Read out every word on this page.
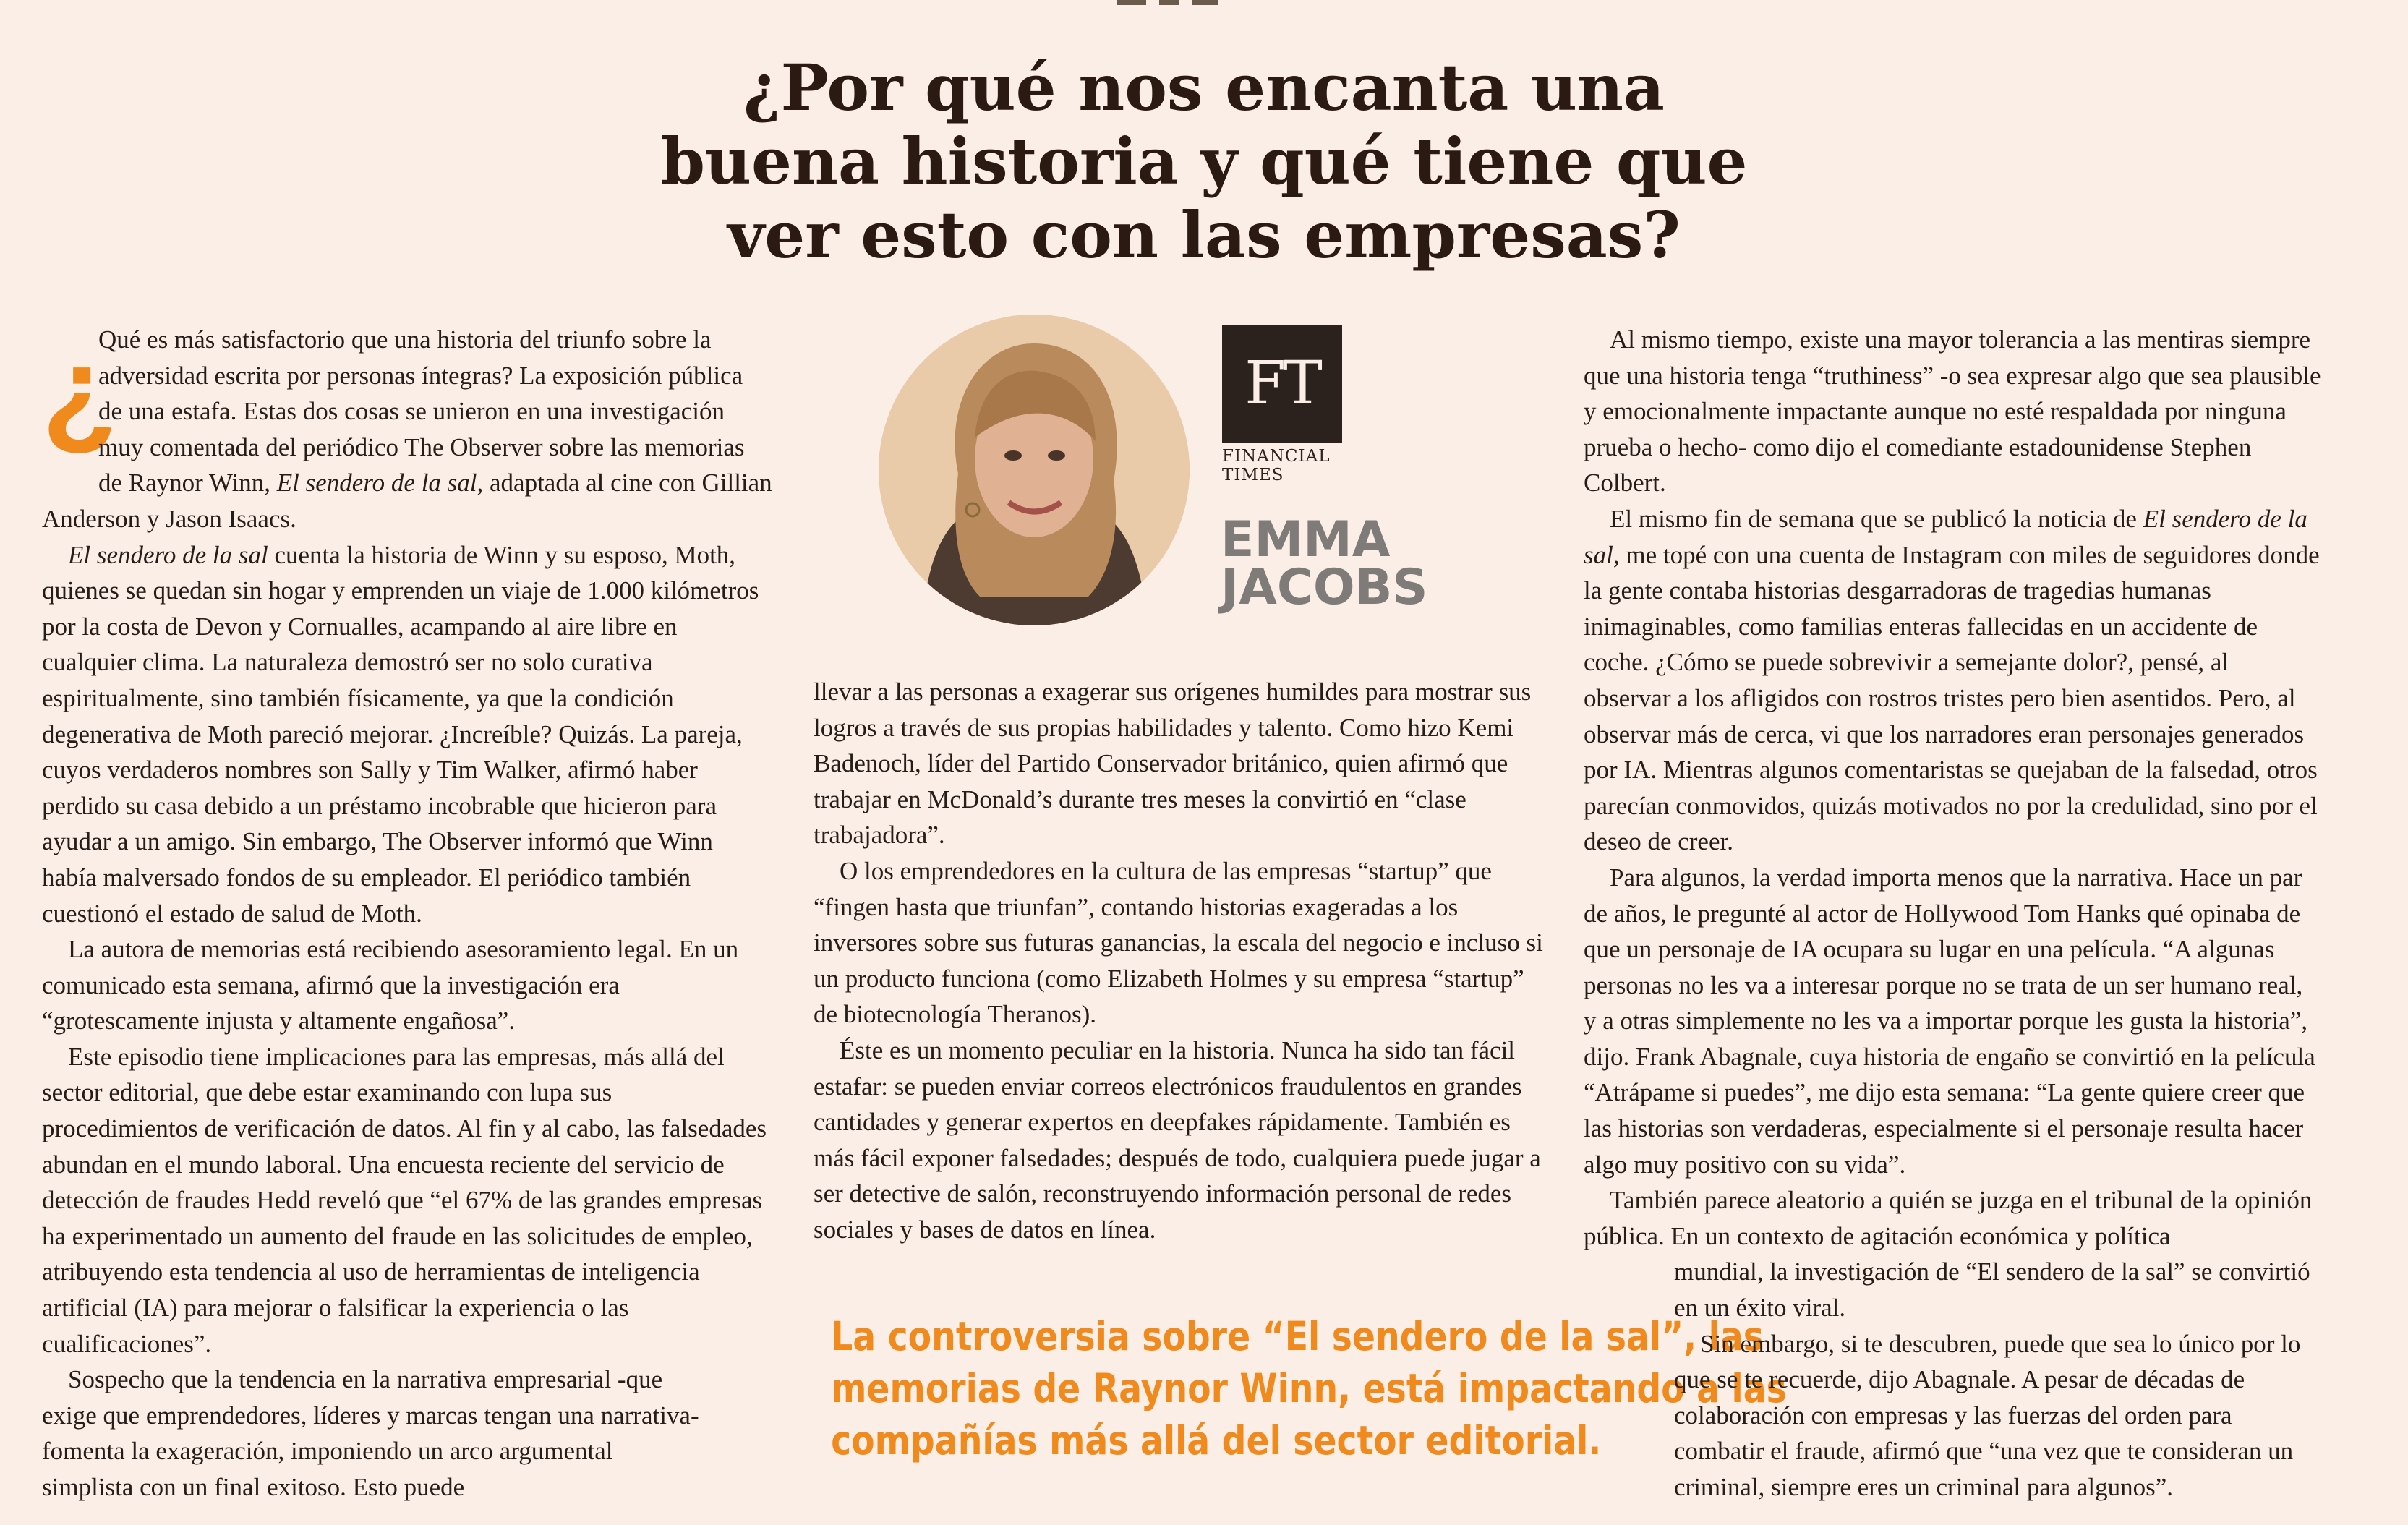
¿Por qué nos encanta una
buena historia y qué tiene que
ver esto con las empresas?

¿
Qué es más satisfactorio que una historia del triunfo sobre la adversidad escrita por personas íntegras? La exposición pública de una estafa. Estas dos cosas se unieron en una investigación muy comentada del periódico The Observer sobre las memorias de Raynor Winn, El sendero de la sal, adaptada al cine con Gillian Anderson y Jason Isaacs.

El sendero de la sal cuenta la historia de Winn y su esposo, Moth, quienes se quedan sin hogar y emprenden un viaje de 1.000 kilómetros por la costa de Devon y Cornualles, acampando al aire libre en cualquier clima. La naturaleza demostró ser no solo curativa espiritualmente, sino también físicamente, ya que la condición degenerativa de Moth pareció mejorar. ¿Increíble? Quizás. La pareja, cuyos verdaderos nombres son Sally y Tim Walker, afirmó haber perdido su casa debido a un préstamo incobrable que hicieron para ayudar a un amigo. Sin embargo, The Observer informó que Winn había malversado fondos de su empleador. El periódico también cuestionó el estado de salud de Moth.

La autora de memorias está recibiendo asesoramiento legal. En un comunicado esta semana, afirmó que la investigación era “grotescamente injusta y altamente engañosa”.

Este episodio tiene implicaciones para las empresas, más allá del sector editorial, que debe estar examinando con lupa sus procedimientos de verificación de datos. Al fin y al cabo, las falsedades abundan en el mundo laboral. Una encuesta reciente del servicio de detección de fraudes Hedd reveló que “el 67% de las grandes empresas ha experimentado un aumento del fraude en las solicitudes de empleo, atribuyendo esta tendencia al uso de herramientas de inteligencia artificial (IA) para mejorar o falsificar la experiencia o las cualificaciones”.

Sospecho que la tendencia en la narrativa empresarial -que exige que emprendedores, líderes y marcas tengan una narrativa- fomenta la exageración, imponiendo un arco argumental simplista con un final exitoso. Esto puede

FT
FINANCIAL
TIMES
EMMA
JACOBS

llevar a las personas a exagerar sus orígenes humildes para mostrar sus logros a través de sus propias habilidades y talento. Como hizo Kemi Badenoch, líder del Partido Conservador británico, quien afirmó que trabajar en McDonald’s durante tres meses la convirtió en “clase trabajadora”.

O los emprendedores en la cultura de las empresas “startup” que “fingen hasta que triunfan”, contando historias exageradas a los inversores sobre sus futuras ganancias, la escala del negocio e incluso si un producto funciona (como Elizabeth Holmes y su empresa “startup” de biotecnología Theranos).

Éste es un momento peculiar en la historia. Nunca ha sido tan fácil estafar: se pueden enviar correos electrónicos fraudulentos en grandes cantidades y generar expertos en deepfakes rápidamente. También es más fácil exponer falsedades; después de todo, cualquiera puede jugar a ser detective de salón, reconstruyendo información personal de redes sociales y bases de datos en línea.

La controversia sobre “El sendero de la sal”, las
memorias de Raynor Winn, está impactando a las
compañías más allá del sector editorial.

Al mismo tiempo, existe una mayor tolerancia a las mentiras siempre que una historia tenga “truthiness” -o sea expresar algo que sea plausible y emocionalmente impactante aunque no esté respaldada por ninguna prueba o hecho- como dijo el comediante estadounidense Stephen Colbert.

El mismo fin de semana que se publicó la noticia de El sendero de la sal, me topé con una cuenta de Instagram con miles de seguidores donde la gente contaba historias desgarradoras de tragedias humanas inimaginables, como familias enteras fallecidas en un accidente de coche. ¿Cómo se puede sobrevivir a semejante dolor?, pensé, al observar a los afligidos con rostros tristes pero bien asentidos. Pero, al observar más de cerca, vi que los narradores eran personajes generados por IA. Mientras algunos comentaristas se quejaban de la falsedad, otros parecían conmovidos, quizás motivados no por la credulidad, sino por el deseo de creer.

Para algunos, la verdad importa menos que la narrativa. Hace un par de años, le pregunté al actor de Hollywood Tom Hanks qué opinaba de que un personaje de IA ocupara su lugar en una película. “A algunas personas no les va a interesar porque no se trata de un ser humano real, y a otras simplemente no les va a importar porque les gusta la historia”, dijo. Frank Abagnale, cuya historia de engaño se convirtió en la película “Atrápame si puedes”, me dijo esta semana: “La gente quiere creer que las historias son verdaderas, especialmente si el personaje resulta hacer algo muy positivo con su vida”.

También parece aleatorio a quién se juzga en el tribunal de la opinión pública. En un contexto de agitación económica y política

mundial, la investigación de “El sendero de la sal” se convirtió en un éxito viral.

Sin embargo, si te descubren, puede que sea lo único por lo que se te recuerde, dijo Abagnale. A pesar de décadas de colaboración con empresas y las fuerzas del orden para combatir el fraude, afirmó que “una vez que te consideran un criminal, siempre eres un criminal para algunos”.
